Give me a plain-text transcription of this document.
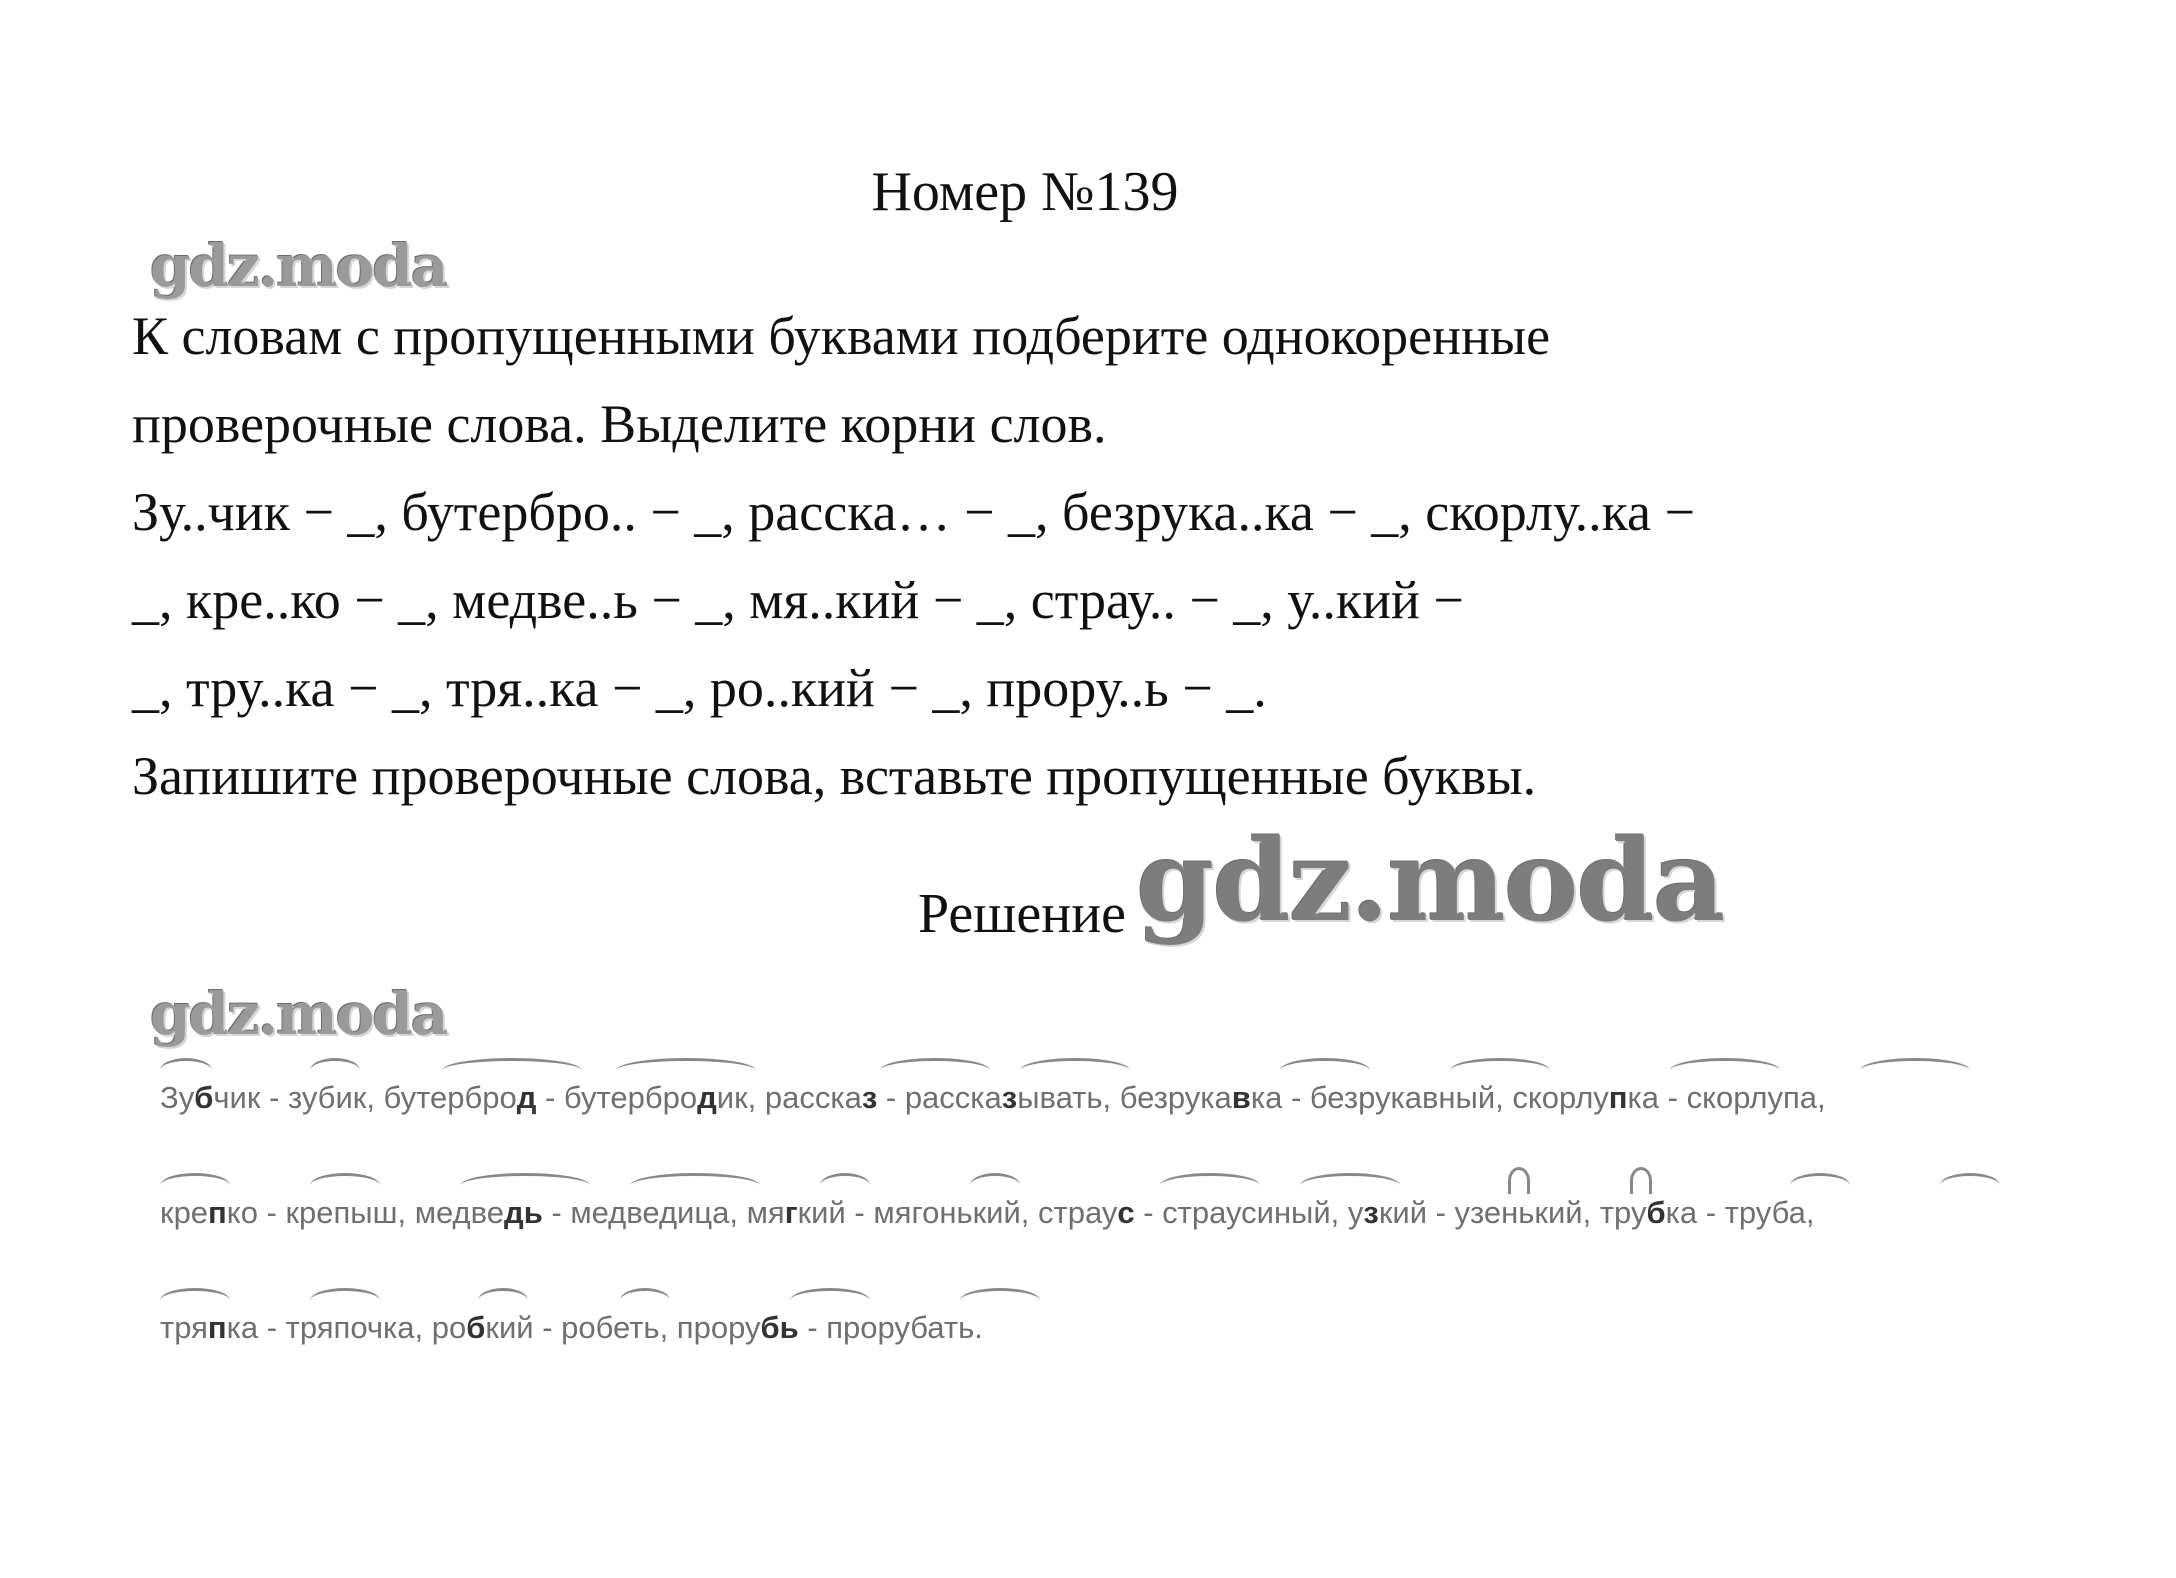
Номер №139
gdz.moda

К словам с пропущенными буквами подберите однокоренные

проверочные слова. Выделите корни слов.

Зу..чик − _, бутербро.. − _, расска… − _, безрука..ка − _, скорлу..ка −

_, кре..ко − _, медве..ь − _, мя..кий − _, страу.. − _, у..кий −

_, тру..ка − _, тря..ка − _, ро..кий − _, прору..ь − _.

Запишите проверочные слова, вставьте пропущенные буквы.

Решение gdz.moda
gdz.moda
Зубчик - зубик, бутерброд - бутербродик, рассказ - рассказывать, безрукавка - безрукавный, скорлупка - скорлупа,
крепко - крепыш, медведь - медведица, мягкий - мягонький, страус - страусиный, узкий - узенький, трубка - труба,
тряпка - тряпочка, робкий - робеть, прорубь - прорубать.
